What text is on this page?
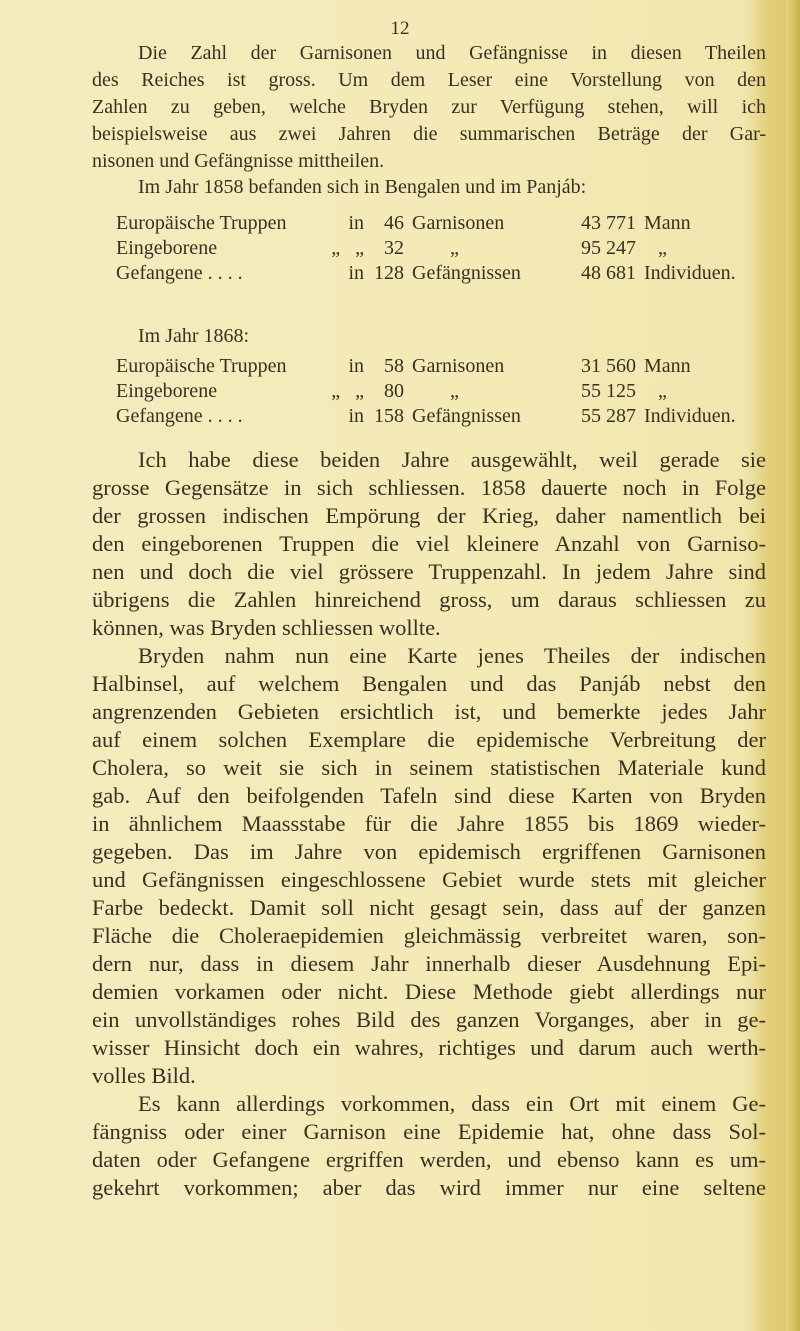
12
Die Zahl der Garnisonen und Gefängnisse in diesen Theilen
des Reiches ist gross. Um dem Leser eine Vorstellung von den
Zahlen zu geben, welche Bryden zur Verfügung stehen, will ich
beispielsweise aus zwei Jahren die summarischen Beträge der Gar-
nisonen und Gefängnisse mittheilen.
Im Jahr 1858 befanden sich in Bengalen und im Panjáb:
Europäische Truppen	in	46 Garnisonen	43 771 Mann
Eingeborene	„   „	32	„	95 247	„
Gefangene . . . .	in 128 Gefängnissen	48 681 Individuen.
Im Jahr 1868:
Europäische Truppen	in	58 Garnisonen	31 560 Mann
Eingeborene	„   „	80	„	55 125	„
Gefangene . . . .	in 158 Gefängnissen	55 287 Individuen.
Ich habe diese beiden Jahre ausgewählt, weil gerade sie
grosse Gegensätze in sich schliessen. 1858 dauerte noch in Folge
der grossen indischen Empörung der Krieg, daher namentlich bei
den eingeborenen Truppen die viel kleinere Anzahl von Garniso-
nen und doch die viel grössere Truppenzahl. In jedem Jahre sind
übrigens die Zahlen hinreichend gross, um daraus schliessen zu
können, was Bryden schliessen wollte.
Bryden nahm nun eine Karte jenes Theiles der indischen
Halbinsel, auf welchem Bengalen und das Panjáb nebst den
angrenzenden Gebieten ersichtlich ist, und bemerkte jedes Jahr
auf einem solchen Exemplare die epidemische Verbreitung der
Cholera, so weit sie sich in seinem statistischen Materiale kund
gab. Auf den beifolgenden Tafeln sind diese Karten von Bryden
in ähnlichem Maassstabe für die Jahre 1855 bis 1869 wieder-
gegeben. Das im Jahre von epidemisch ergriffenen Garnisonen
und Gefängnissen eingeschlossene Gebiet wurde stets mit gleicher
Farbe bedeckt. Damit soll nicht gesagt sein, dass auf der ganzen
Fläche die Choleraepidemien gleichmässig verbreitet waren, son-
dern nur, dass in diesem Jahr innerhalb dieser Ausdehnung Epi-
demien vorkamen oder nicht. Diese Methode giebt allerdings nur
ein unvollständiges rohes Bild des ganzen Vorganges, aber in ge-
wisser Hinsicht doch ein wahres, richtiges und darum auch werth-
volles Bild.
Es kann allerdings vorkommen, dass ein Ort mit einem Ge-
fängniss oder einer Garnison eine Epidemie hat, ohne dass Sol-
daten oder Gefangene ergriffen werden, und ebenso kann es um-
gekehrt vorkommen; aber das wird immer nur eine seltene
